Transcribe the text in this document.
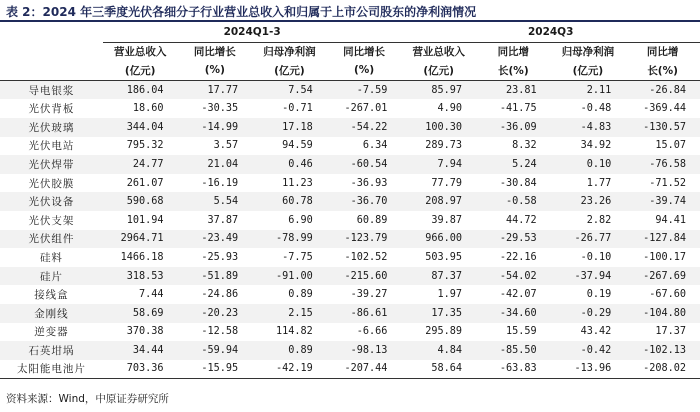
表 2：2024 年三季度光伏各细分子行业营业总收入和归属于上市公司股东的净利润情况
	2024Q1-3				2024Q3			
	营业总收入	同比增长	归母净利润	同比增长	营业总收入	同比增	归母净利润	同比增
	(亿元)	(%)	(亿元)	(%)	(亿元)	长(%)	(亿元)	长(%)
导电银浆	186.04	17.77	7.54	-7.59	85.97	23.81	2.11	-26.84
光伏背板	18.60	-30.35	-0.71	-267.01	4.90	-41.75	-0.48	-369.44
光伏玻璃	344.04	-14.99	17.18	-54.22	100.30	-36.09	-4.83	-130.57
光伏电站	795.32	3.57	94.59	6.34	289.73	8.32	34.92	15.07
光伏焊带	24.77	21.04	0.46	-60.54	7.94	5.24	0.10	-76.58
光伏胶膜	261.07	-16.19	11.23	-36.93	77.79	-30.84	1.77	-71.52
光伏设备	590.68	5.54	60.78	-36.70	208.97	-0.58	23.26	-39.74
光伏支架	101.94	37.87	6.90	60.89	39.87	44.72	2.82	94.41
光伏组件	2964.71	-23.49	-78.99	-123.79	966.00	-29.53	-26.77	-127.84
硅料	1466.18	-25.93	-7.75	-102.52	503.95	-22.16	-0.10	-100.17
硅片	318.53	-51.89	-91.00	-215.60	87.37	-54.02	-37.94	-267.69
接线盒	7.44	-24.86	0.89	-39.27	1.97	-42.07	0.19	-67.60
金刚线	58.69	-20.23	2.15	-86.61	17.35	-34.60	-0.29	-104.80
逆变器	370.38	-12.58	114.82	-6.66	295.89	15.59	43.42	17.37
石英坩埚	34.44	-59.94	0.89	-98.13	4.84	-85.50	-0.42	-102.13
太阳能电池片	703.36	-15.95	-42.19	-207.44	58.64	-63.83	-13.96	-208.02
资料来源：Wind，中原证券研究所
